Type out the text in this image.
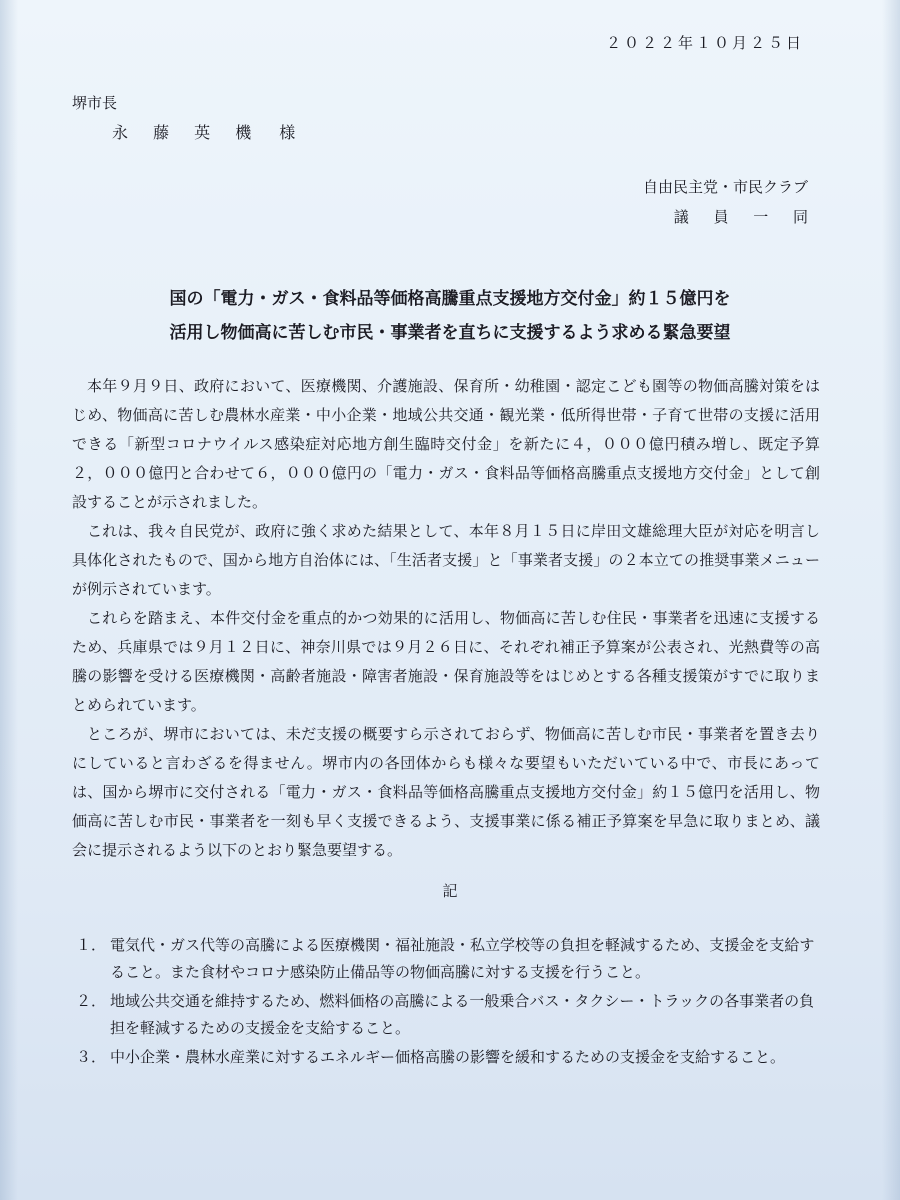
２０２２年１０月２５日
堺市長
永 藤 英 機 様
自由民主党・市民クラブ
議 員 一 同
国の「電力・ガス・食料品等価格高騰重点支援地方交付金」約１５億円を
活用し物価高に苦しむ市民・事業者を直ちに支援するよう求める緊急要望

本年９月９日、政府において、医療機関、介護施設、保育所・幼稚園・認定こども園等の物価高騰対策をはじめ、物価高に苦しむ農林水産業・中小企業・地域公共交通・観光業・低所得世帯・子育て世帯の支援に活用できる「新型コロナウイルス感染症対応地方創生臨時交付金」を新たに４，０００億円積み増し、既定予算２，０００億円と合わせて６，０００億円の「電力・ガス・食料品等価格高騰重点支援地方交付金」として創設することが示されました。

これは、我々自民党が、政府に強く求めた結果として、本年８月１５日に岸田文雄総理大臣が対応を明言し具体化されたもので、国から地方自治体には、「生活者支援」と「事業者支援」の２本立ての推奨事業メニューが例示されています。

これらを踏まえ、本件交付金を重点的かつ効果的に活用し、物価高に苦しむ住民・事業者を迅速に支援するため、兵庫県では９月１２日に、神奈川県では９月２６日に、それぞれ補正予算案が公表され、光熱費等の高騰の影響を受ける医療機関・高齢者施設・障害者施設・保育施設等をはじめとする各種支援策がすでに取りまとめられています。

ところが、堺市においては、未だ支援の概要すら示されておらず、物価高に苦しむ市民・事業者を置き去りにしていると言わざるを得ません。堺市内の各団体からも様々な要望もいただいている中で、市長にあっては、国から堺市に交付される「電力・ガス・食料品等価格高騰重点支援地方交付金」約１５億円を活用し、物価高に苦しむ市民・事業者を一刻も早く支援できるよう、支援事業に係る補正予算案を早急に取りまとめ、議会に提示されるよう以下のとおり緊急要望する。

記
１． 電気代・ガス代等の高騰による医療機関・福祉施設・私立学校等の負担を軽減するため、支援金を支給すること。また食材やコロナ感染防止備品等の物価高騰に対する支援を行うこと。
２． 地域公共交通を維持するため、燃料価格の高騰による一般乗合バス・タクシー・トラックの各事業者の負担を軽減するための支援金を支給すること。
３． 中小企業・農林水産業に対するエネルギー価格高騰の影響を緩和するための支援金を支給すること。
